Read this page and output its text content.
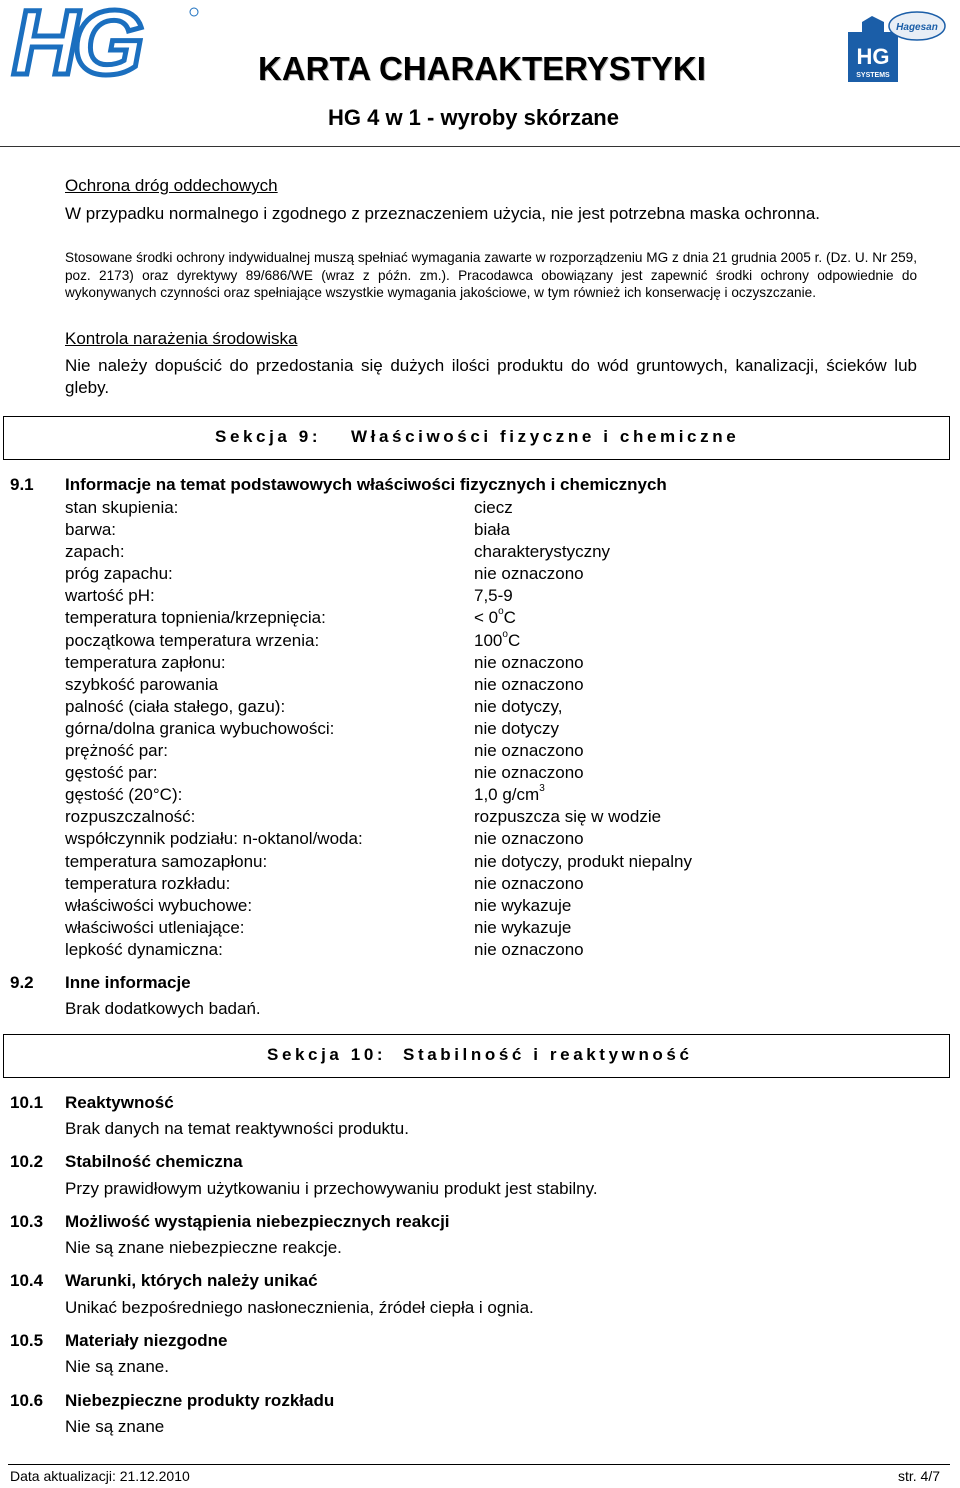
HG	KARTA CHARAKTERYSTYKI
HG 4 w 1 - wyroby skórzane
HG
SYSTEMS
Hagesan
Ochrona dróg oddechowych
W przypadku normalnego i zgodnego z przeznaczeniem użycia, nie jest potrzebna maska ochronna.
Stosowane środki ochrony indywidualnej muszą spełniać wymagania zawarte w rozporządzeniu MG z dnia 21 grudnia 2005 r. (Dz. U. Nr 259, poz. 2173) oraz dyrektywy 89/686/WE (wraz z późn. zm.). Pracodawca obowiązany jest zapewnić środki ochrony odpowiednie do wykonywanych czynności oraz spełniające wszystkie wymagania jakościowe, w tym również ich konserwację i oczyszczanie.
Kontrola narażenia środowiska
Nie należy dopuścić do przedostania się dużych ilości produktu do wód gruntowych, kanalizacji, ścieków lub gleby.
Sekcja 9: Właściwości fizyczne i chemiczne
9.1 Informacje na temat podstawowych właściwości fizycznych i chemicznych
stan skupienia:	ciecz
barwa:	biała
zapach:	charakterystyczny
próg zapachu:	nie oznaczono
wartość pH:	7,5-9
temperatura topnienia/krzepnięcia:	< $0^oC$
początkowa temperatura wrzenia:	100$^o$C
temperatura zapłonu:	nie oznaczono
szybkość parowania	nie oznaczono
palność (ciała stałego, gazu):	nie dotyczy,
górna/dolna granica wybuchowości:	nie dotyczy
prężność par:	nie oznaczono
gęstość par:	nie oznaczono
gęstość (20°C):	1,0 $g/cm^3$
rozpuszczalność:	rozpuszcza się w wodzie
współczynnik podziału: n-oktanol/woda:	nie oznaczono
temperatura samozapłonu:	nie dotyczy, produkt niepalny
temperatura rozkładu:	nie oznaczono
właściwości wybuchowe:	nie wykazuje
właściwości utleniające:	nie wykazuje
lepkość dynamiczna:	nie oznaczono
9.2 Inne informacje
Brak dodatkowych badań.
Sekcja 10: Stabilność i reaktywność
10.1 Reaktywność
Brak danych na temat reaktywności produktu.
10.2 Stabilność chemiczna
Przy prawidłowym użytkowaniu i przechowywaniu produkt jest stabilny.
10.3 Możliwość wystąpienia niebezpiecznych reakcji
Nie są znane niebezpieczne reakcje.
10.4 Warunki, których należy unikać
Unikać bezpośredniego nasłonecznienia, źródeł ciepła i ognia.
10.5 Materiały niezgodne
Nie są znane.
10.6 Niebezpieczne produkty rozkładu
Nie są znane
Data aktualizacji: 21.12.2010	str. 4/7
